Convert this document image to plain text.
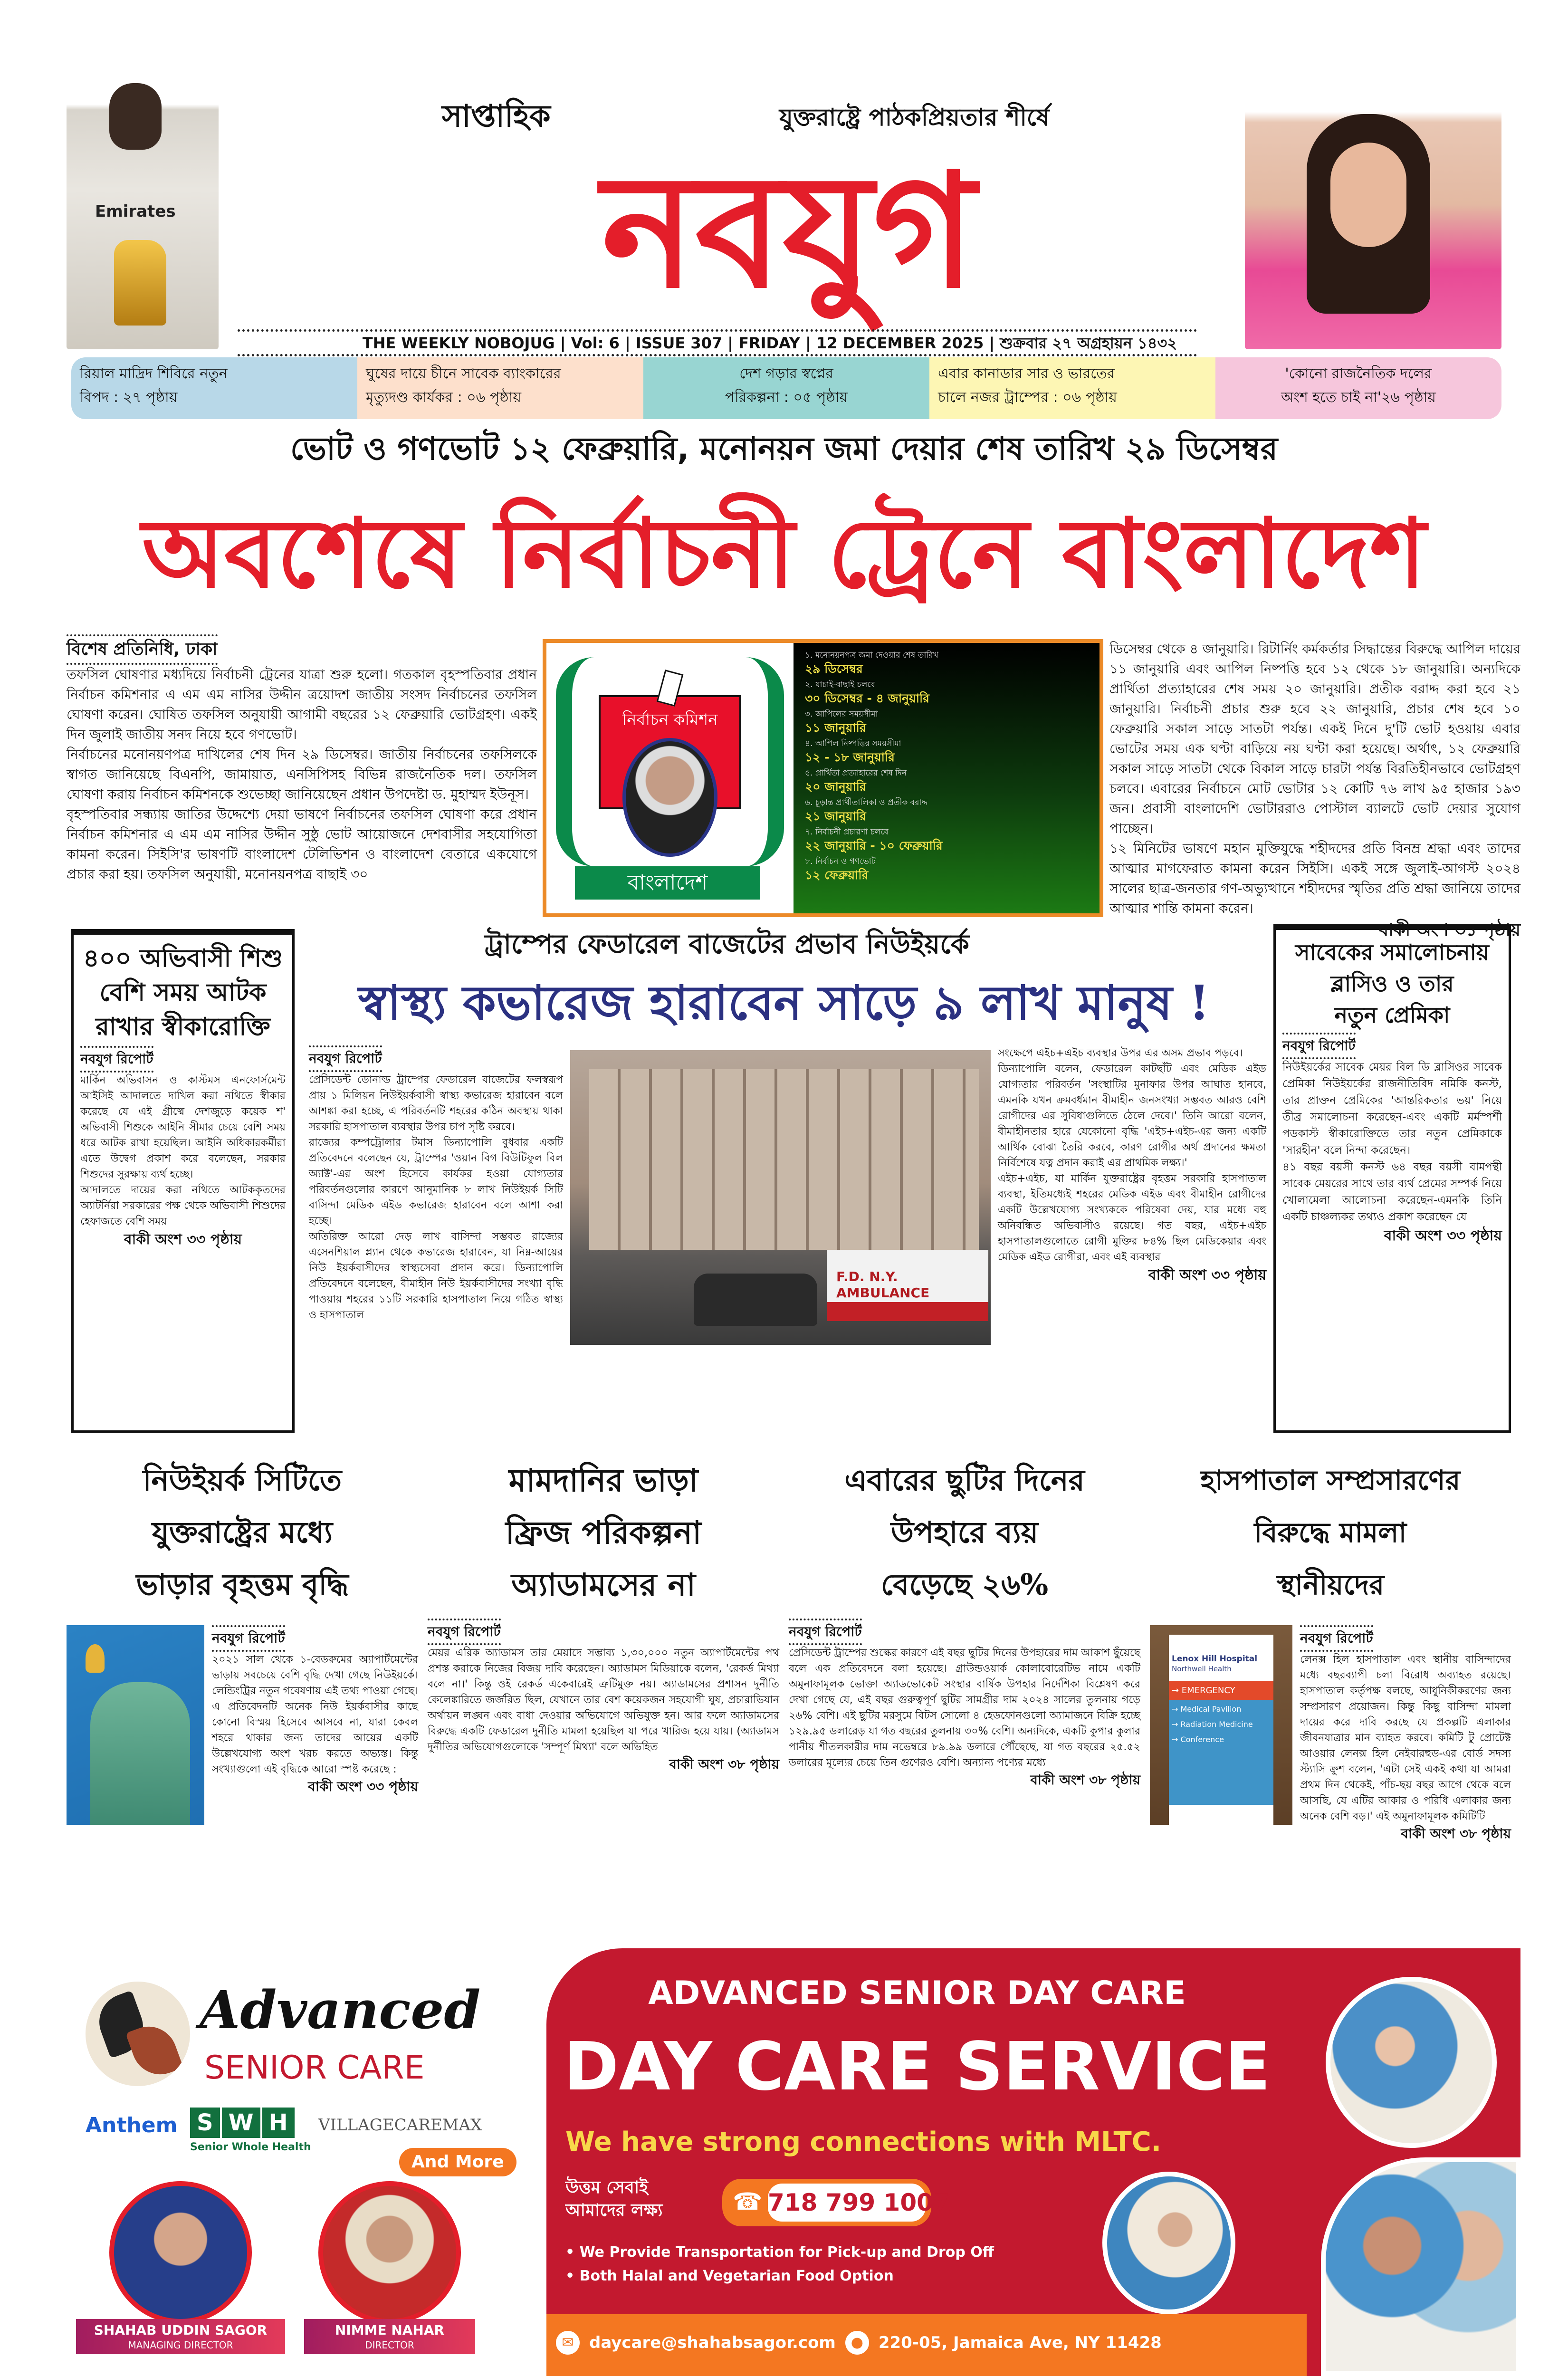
Emirates
সাপ্তাহিক	যুক্তরাষ্ট্রে পাঠকপ্রিয়তার শীর্ষে
নবযুগ
THE WEEKLY NOBOJUG | Vol: 6 | ISSUE 307 | FRIDAY | 12 DECEMBER 2025 | শুক্রবার ২৭ অগ্রহায়ন ১৪৩২
রিয়াল মাদ্রিদ শিবিরে নতুন
বিপদ : ২৭ পৃষ্ঠায়
ঘুষের দায়ে চীনে সাবেক ব্যাংকারের
মৃত্যুদণ্ড কার্যকর : ০৬ পৃষ্ঠায়
দেশ গড়ার স্বপ্নের
পরিকল্পনা : ০৫ পৃষ্ঠায়
এবার কানাডার সার ও ভারতের
চালে নজর ট্রাম্পের : ০৬ পৃষ্ঠায়
'কোনো রাজনৈতিক দলের
অংশ হতে চাই না'২৬ পৃষ্ঠায়
ভোট ও গণভোট ১২ ফেব্রুয়ারি, মনোনয়ন জমা দেয়ার শেষ তারিখ ২৯ ডিসেম্বর
অবশেষে নির্বাচনী ট্রেনে বাংলাদেশ
বিশেষ প্রতিনিধি, ঢাকা

তফসিল ঘোষণার মধ্যদিয়ে নির্বাচনী ট্রেনের যাত্রা শুরু হলো। গতকাল বৃহস্পতিবার প্রধান নির্বাচন কমিশনার এ এম এম নাসির উদ্দীন ত্রয়োদশ জাতীয় সংসদ নির্বাচনের তফসিল ঘোষণা করেন। ঘোষিত তফসিল অনুযায়ী আগামী বছরের ১২ ফেব্রুয়ারি ভোটগ্রহণ। একই দিন জুলাই জাতীয় সনদ নিয়ে হবে গণভোট।

নির্বাচনের মনোনয়ণপত্র দাখিলের শেষ দিন ২৯ ডিসেম্বর। জাতীয় নির্বাচনের তফসিলকে স্বাগত জানিয়েছে বিএনপি, জামায়াত, এনসিপিসহ বিভিন্ন রাজনৈতিক দল। তফসিল ঘোষণা করায় নির্বাচন কমিশনকে শুভেচ্ছা জানিয়েছেন প্রধান উপদেষ্টা ড. মুহাম্মদ ইউনূস।

বৃহস্পতিবার সন্ধ্যায় জাতির উদ্দেশ্যে দেয়া ভাষণে নির্বাচনের তফসিল ঘোষণা করে প্রধান নির্বাচন কমিশনার এ এম এম নাসির উদ্দীন সুষ্ঠু ভোট আয়োজনে দেশবাসীর সহযোগিতা কামনা করেন। সিইসি'র ভাষণটি বাংলাদেশ টেলিভিশন ও বাংলাদেশ বেতারে একযোগে প্রচার করা হয়। তফসিল অনুযায়ী, মনোনয়নপত্র বাছাই ৩০

নির্বাচন কমিশন
বাংলাদেশ
১. মনোনয়নপত্র জমা দেওয়ার শেষ তারিখ
২৯ ডিসেম্বর
২. যাচাই-বাছাই চলবে
৩০ ডিসেম্বর - ৪ জানুয়ারি
৩. আপিলের সময়সীমা
১১ জানুয়ারি
৪. আপিল নিষ্পত্তির সময়সীমা
১২ - ১৮ জানুয়ারি
৫. প্রার্থিতা প্রত্যাহারের শেষ দিন
২০ জানুয়ারি
৬. চূড়ান্ত প্রার্থীতালিকা ও প্রতীক বরাদ্দ
২১ জানুয়ারি
৭. নির্বাচনী প্রচারণা চলবে
২২ জানুয়ারি - ১০ ফেব্রুয়ারি
৮. নির্বাচন ও গণভোট
১২ ফেব্রুয়ারি

ডিসেম্বর থেকে ৪ জানুয়ারি। রিটার্নিং কর্মকর্তার সিদ্ধান্তের বিরুদ্ধে আপিল দায়ের ১১ জানুয়ারি এবং আপিল নিষ্পত্তি হবে ১২ থেকে ১৮ জানুয়ারি। অন্যদিকে প্রার্থিতা প্রত্যাহারের শেষ সময় ২০ জানুয়ারি। প্রতীক বরাদ্দ করা হবে ২১ জানুয়ারি। নির্বাচনী প্রচার শুরু হবে ২২ জানুয়ারি, প্রচার শেষ হবে ১০ ফেব্রুয়ারি সকাল সাড়ে সাতটা পর্যন্ত। একই দিনে দু'টি ভোট হওয়ায় এবার ভোটের সময় এক ঘণ্টা বাড়িয়ে নয় ঘণ্টা করা হয়েছে। অর্থাৎ, ১২ ফেব্রুয়ারি সকাল সাড়ে সাতটা থেকে বিকাল সাড়ে চারটা পর্যন্ত বিরতিহীনভাবে ভোটগ্রহণ চলবে। এবারের নির্বাচনে মোট ভোটার ১২ কোটি ৭৬ লাখ ৯৫ হাজার ১৯৩ জন। প্রবাসী বাংলাদেশি ভোটাররাও পোস্টাল ব্যালটে ভোট দেয়ার সুযোগ পাচ্ছেন।

১২ মিনিটের ভাষণে মহান মুক্তিযুদ্ধে শহীদদের প্রতি বিনম্র শ্রদ্ধা এবং তাদের আত্মার মাগফেরাত কামনা করেন সিইসি। একই সঙ্গে জুলাই-আগস্ট ২০২৪ সালের ছাত্র-জনতার গণ-অভ্যুত্থানে শহীদদের স্মৃতির প্রতি শ্রদ্ধা জানিয়ে তাদের আত্মার শান্তি কামনা করেন।

বাকী অংশ ৩১ পৃষ্ঠায়
৪০০ অভিবাসী শিশু
বেশি সময় আটক
রাখার স্বীকারোক্তি
নবযুগ রিপোর্ট

মার্কিন অভিবাসন ও কাস্টমস এনফোর্সমেন্ট আইসিই আদালতে দাখিল করা নথিতে স্বীকার করেছে যে এই গ্রীষ্মে দেশজুড়ে কয়েক শ' অভিবাসী শিশুকে আইনি সীমার চেয়ে বেশি সময় ধরে আটক রাখা হয়েছিল। আইনি অধিকারকর্মীরা এতে উদ্বেগ প্রকাশ করে বলেছেন, সরকার শিশুদের সুরক্ষায় ব্যর্থ হচ্ছে।

আদালতে দায়ের করা নথিতে আটককৃতদের অ্যাটর্নিরা সরকারের পক্ষ থেকে অভিবাসী শিশুদের হেফাজতে বেশি সময়

বাকী অংশ ৩৩ পৃষ্ঠায়
ট্রাম্পের ফেডারেল বাজেটের প্রভাব নিউইয়র্কে
স্বাস্থ্য কভারেজ হারাবেন সাড়ে ৯ লাখ মানুষ !
নবযুগ রিপোর্ট

প্রেসিডেন্ট ডোনাল্ড ট্রাম্পের ফেডারেল বাজেটের ফলস্বরূপ প্রায় ১ মিলিয়ন নিউইয়র্কবাসী স্বাস্থ্য কভারেজ হারাবেন বলে আশঙ্কা করা হচ্ছে, এ পরিবর্তনটি শহরের কঠিন অবস্থায় থাকা সরকারি হাসপাতাল ব্যবস্থার উপর চাপ সৃষ্টি করবে।

রাজ্যের কম্পট্রোলার টমাস ডিন্যাপোলি বুধবার একটি প্রতিবেদনে বলেছেন যে, ট্রাম্পের 'ওয়ান বিগ বিউটিফুল বিল অ্যাক্ট'-এর অংশ হিসেবে কার্যকর হওয়া যোগ্যতার পরিবর্তনগুলোর কারণে আনুমানিক ৮ লাখ নিউইয়র্ক সিটি বাসিন্দা মেডিক এইড কভারেজ হারাবেন বলে আশা করা হচ্ছে।

অতিরিক্ত আরো দেড় লাখ বাসিন্দা সম্ভবত রাজ্যের এসেনশিয়াল প্ল্যান থেকে কভারেজ হারাবেন, যা নিম্ন-আয়ের নিউ ইয়র্কবাসীদের স্বাস্থ্যসেবা প্রদান করে। ডিন্যাপোলি প্রতিবেদনে বলেছেন, বীমাহীন নিউ ইয়র্কবাসীদের সংখ্যা বৃদ্ধি পাওয়ায় শহরের ১১টি সরকারি হাসপাতাল নিয়ে গঠিত স্বাস্থ্য ও হাসপাতাল

F.D. N.Y. AMBULANCE

সংক্ষেপে এইচ+এইচ ব্যবস্থার উপর এর অসম প্রভাব পড়বে।

ডিন্যাপোলি বলেন, ফেডারেল কাটছাঁট এবং মেডিক এইড যোগ্যতার পরিবর্তন 'সংস্থাটির মুনাফার উপর আঘাত হানবে, এমনকি যখন ক্রমবর্ধমান বীমাহীন জনসংখ্যা সম্ভবত আরও বেশি রোগীদের এর সুবিধাগুলিতে ঠেলে দেবে।' তিনি আরো বলেন, বীমাহীনতার হারে যেকোনো বৃদ্ধি 'এইচ+এইচ-এর জন্য একটি আর্থিক বোঝা তৈরি করবে, কারণ রোগীর অর্থ প্রদানের ক্ষমতা নির্বিশেষে যত্ন প্রদান করাই এর প্রাথমিক লক্ষ্য।'

এইচ+এইচ, যা মার্কিন যুক্তরাষ্ট্রের বৃহত্তম সরকারি হাসপাতাল ব্যবস্থা, ইতিমধ্যেই শহরের মেডিক এইড এবং বীমাহীন রোগীদের একটি উল্লেখযোগ্য সংখ্যককে পরিষেবা দেয়, যার মধ্যে বহু অনিবন্ধিত অভিবাসীও রয়েছে। গত বছর, এইচ+এইচ হাসপাতালগুলোতে রোগী মুক্তির ৮৪% ছিল মেডিকেয়ার এবং মেডিক এইড রোগীরা, এবং এই ব্যবস্থার

বাকী অংশ ৩৩ পৃষ্ঠায়
সাবেকের সমালোচনায়
ব্লাসিও ও তার
নতুন প্রেমিকা
নবযুগ রিপোর্ট

নিউইয়র্কের সাবেক মেয়র বিল ডি ব্লাসিওর সাবেক প্রেমিকা নিউইয়র্কের রাজনীতিবিদ নমিকি কনস্ট, তার প্রাক্তন প্রেমিকের 'আন্তরিকতার ভয়' নিয়ে তীব্র সমালোচনা করেছেন-এবং একটি মর্মস্পর্শী পডকাস্ট স্বীকারোক্তিতে তার নতুন প্রেমিকাকে 'সারহীন' বলে নিন্দা করেছেন।

৪১ বছর বয়সী কনস্ট ৬৪ বছর বয়সী বামপন্থী সাবেক মেয়রের সাথে তার ব্যর্থ প্রেমের সম্পর্ক নিয়ে খোলামেলা আলোচনা করেছেন-এমনকি তিনি একটি চাঞ্চল্যকর তথ্যও প্রকাশ করেছেন যে

বাকী অংশ ৩৩ পৃষ্ঠায়
নিউইয়র্ক সিটিতে
যুক্তরাষ্ট্রের মধ্যে
ভাড়ার বৃহত্তম বৃদ্ধি
নবযুগ রিপোর্ট

২০২১ সাল থেকে ১-বেডরুমের অ্যাপার্টমেন্টের ভাড়ায় সবচেয়ে বেশি বৃদ্ধি দেখা গেছে নিউইয়র্কে। লেন্ডিংট্রির নতুন গবেষণায় এই তথ্য পাওয়া গেছে। এ প্রতিবেদনটি অনেক নিউ ইয়র্কবাসীর কাছে কোনো বিস্ময় হিসেবে আসবে না, যারা কেবল শহরে থাকার জন্য তাদের আয়ের একটি উল্লেখযোগ্য অংশ খরচ করতে অভ্যস্ত। কিন্তু সংখ্যাগুলো এই বৃদ্ধিকে আরো স্পষ্ট করেছে :

বাকী অংশ ৩৩ পৃষ্ঠায়
মামদানির ভাড়া
ফ্রিজ পরিকল্পনা
অ্যাডামসের না
নবযুগ রিপোর্ট

মেয়র এরিক অ্যাডামস তার মেয়াদে সম্ভাব্য ১,৩০,০০০ নতুন অ্যাপার্টমেন্টের পথ প্রশস্ত করাকে নিজের বিজয় দাবি করেছেন। অ্যাডামস মিডিয়াকে বলেন, 'রেকর্ড মিথ্যা বলে না।' কিন্তু ওই রেকর্ড একেবারেই ত্রুটিমুক্ত নয়। অ্যাডামসের প্রশাসন দুর্নীতি কেলেঙ্কারিতে জর্জরিত ছিল, যেখানে তার বেশ কয়েকজন সহযোগী ঘুষ, প্রচারাভিযান অর্থায়ন লঙ্ঘন এবং বাধা দেওয়ার অভিযোগে অভিযুক্ত হন। আর ফলে অ্যাডামসের বিরুদ্ধে একটি ফেডারেল দুর্নীতি মামলা হয়েছিল যা পরে খারিজ হয়ে যায়। (অ্যাডামস দুর্নীতির অভিযোগগুলোকে 'সম্পূর্ণ মিথ্যা' বলে অভিহিত

বাকী অংশ ৩৮ পৃষ্ঠায়
এবারের ছুটির দিনের
উপহারে ব্যয়
বেড়েছে ২৬%
নবযুগ রিপোর্ট

প্রেসিডেন্ট ট্রাম্পের শুল্কের কারণে এই বছর ছুটির দিনের উপহারের দাম আকাশ ছুঁয়েছে বলে এক প্রতিবেদনে বলা হয়েছে। গ্রাউন্ডওয়ার্ক কোলাবোরেটিভ নামে একটি অমুনাফামূলক ভোক্তা অ্যাডভোকেট সংস্থার বার্ষিক উপহার নির্দেশিকা বিশ্লেষণ করে দেখা গেছে যে, এই বছর গুরুত্বপূর্ণ ছুটির সামগ্রীর দাম ২০২৪ সালের তুলনায় গড়ে ২৬% বেশি। এই ছুটির মরসুমে বিটস সোলো ৪ হেডফোনগুলো অ্যামাজনে বিক্রি হচ্ছে ১২৯.৯৫ ডলারেড় যা গত বছরের তুলনায় ৩০% বেশি। অন্যদিকে, একটি কুপার কুলার পানীয় শীতলকারীর দাম নভেম্বরে ৮৯.৯৯ ডলারে পৌঁছেছে, যা গত বছরের ২৫.৫২ ডলারের মূল্যের চেয়ে তিন গুণেরও বেশি। অন্যান্য পণ্যের মধ্যে

বাকী অংশ ৩৮ পৃষ্ঠায়
হাসপাতাল সম্প্রসারণের
বিরুদ্ধে মামলা
স্থানীয়দের
Lenox Hill Hospital
Northwell Health
→ EMERGENCY
→ Medical Pavilion
→ Radiation Medicine
→ Conference
নবযুগ রিপোর্ট

লেনক্স হিল হাসপাতাল এবং স্থানীয় বাসিন্দাদের মধ্যে বছরব্যাপী চলা বিরোধ অব্যাহত রয়েছে। হাসপাতাল কর্তৃপক্ষ বলছে, আধুনিকীকরণের জন্য সম্প্রসারণ প্রয়োজন। কিন্তু কিছু বাসিন্দা মামলা দায়ের করে দাবি করছে যে প্রকল্পটি এলাকার জীবনযাত্রার মান ব্যাহত করবে। কমিটি টু প্রোটেক্ট আওয়ার লেনক্স হিল নেইবারহুড-এর বোর্ড সদস্য স্ট্যাসি ক্রুশ বলেন, 'এটা সেই একই কথা যা আমরা প্রথম দিন থেকেই, পাঁচ-ছয় বছর আগে থেকে বলে আসছি, যে এটির আকার ও পরিধি এলাকার জন্য অনেক বেশি বড়।' এই অমুনাফামূলক কমিটিটি

বাকী অংশ ৩৮ পৃষ্ঠায়
Advanced
SENIOR CARE
Anthem S W H
Senior Whole Health
VILLAGECAREMAX
And More
SHAHAB UDDIN SAGOR
MANAGING DIRECTOR
NIMME NAHAR
DIRECTOR
ADVANCED SENIOR DAY CARE
DAY CARE SERVICE
We have strong connections with MLTC.
উত্তম সেবাই
আমাদের লক্ষ্য	☎ 718 799 1007
• We Provide Transportation for Pick-up and Drop Off
• Both Halal and Vegetarian Food Option
✉ daycare@shahabsagor.com	● 220-05, Jamaica Ave, NY 11428
